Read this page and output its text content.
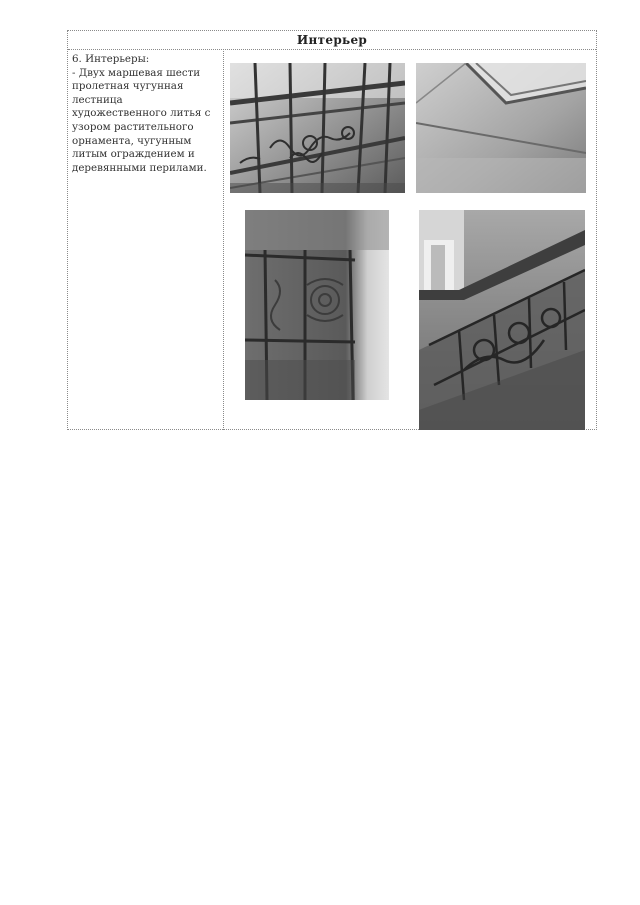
Интерьер
6. Интерьеры:
- Двух маршевая шести
пролетная чугунная
лестница
художественного литья с
узором растительного
орнамента, чугунным
литым ограждением и
деревянными перилами.
